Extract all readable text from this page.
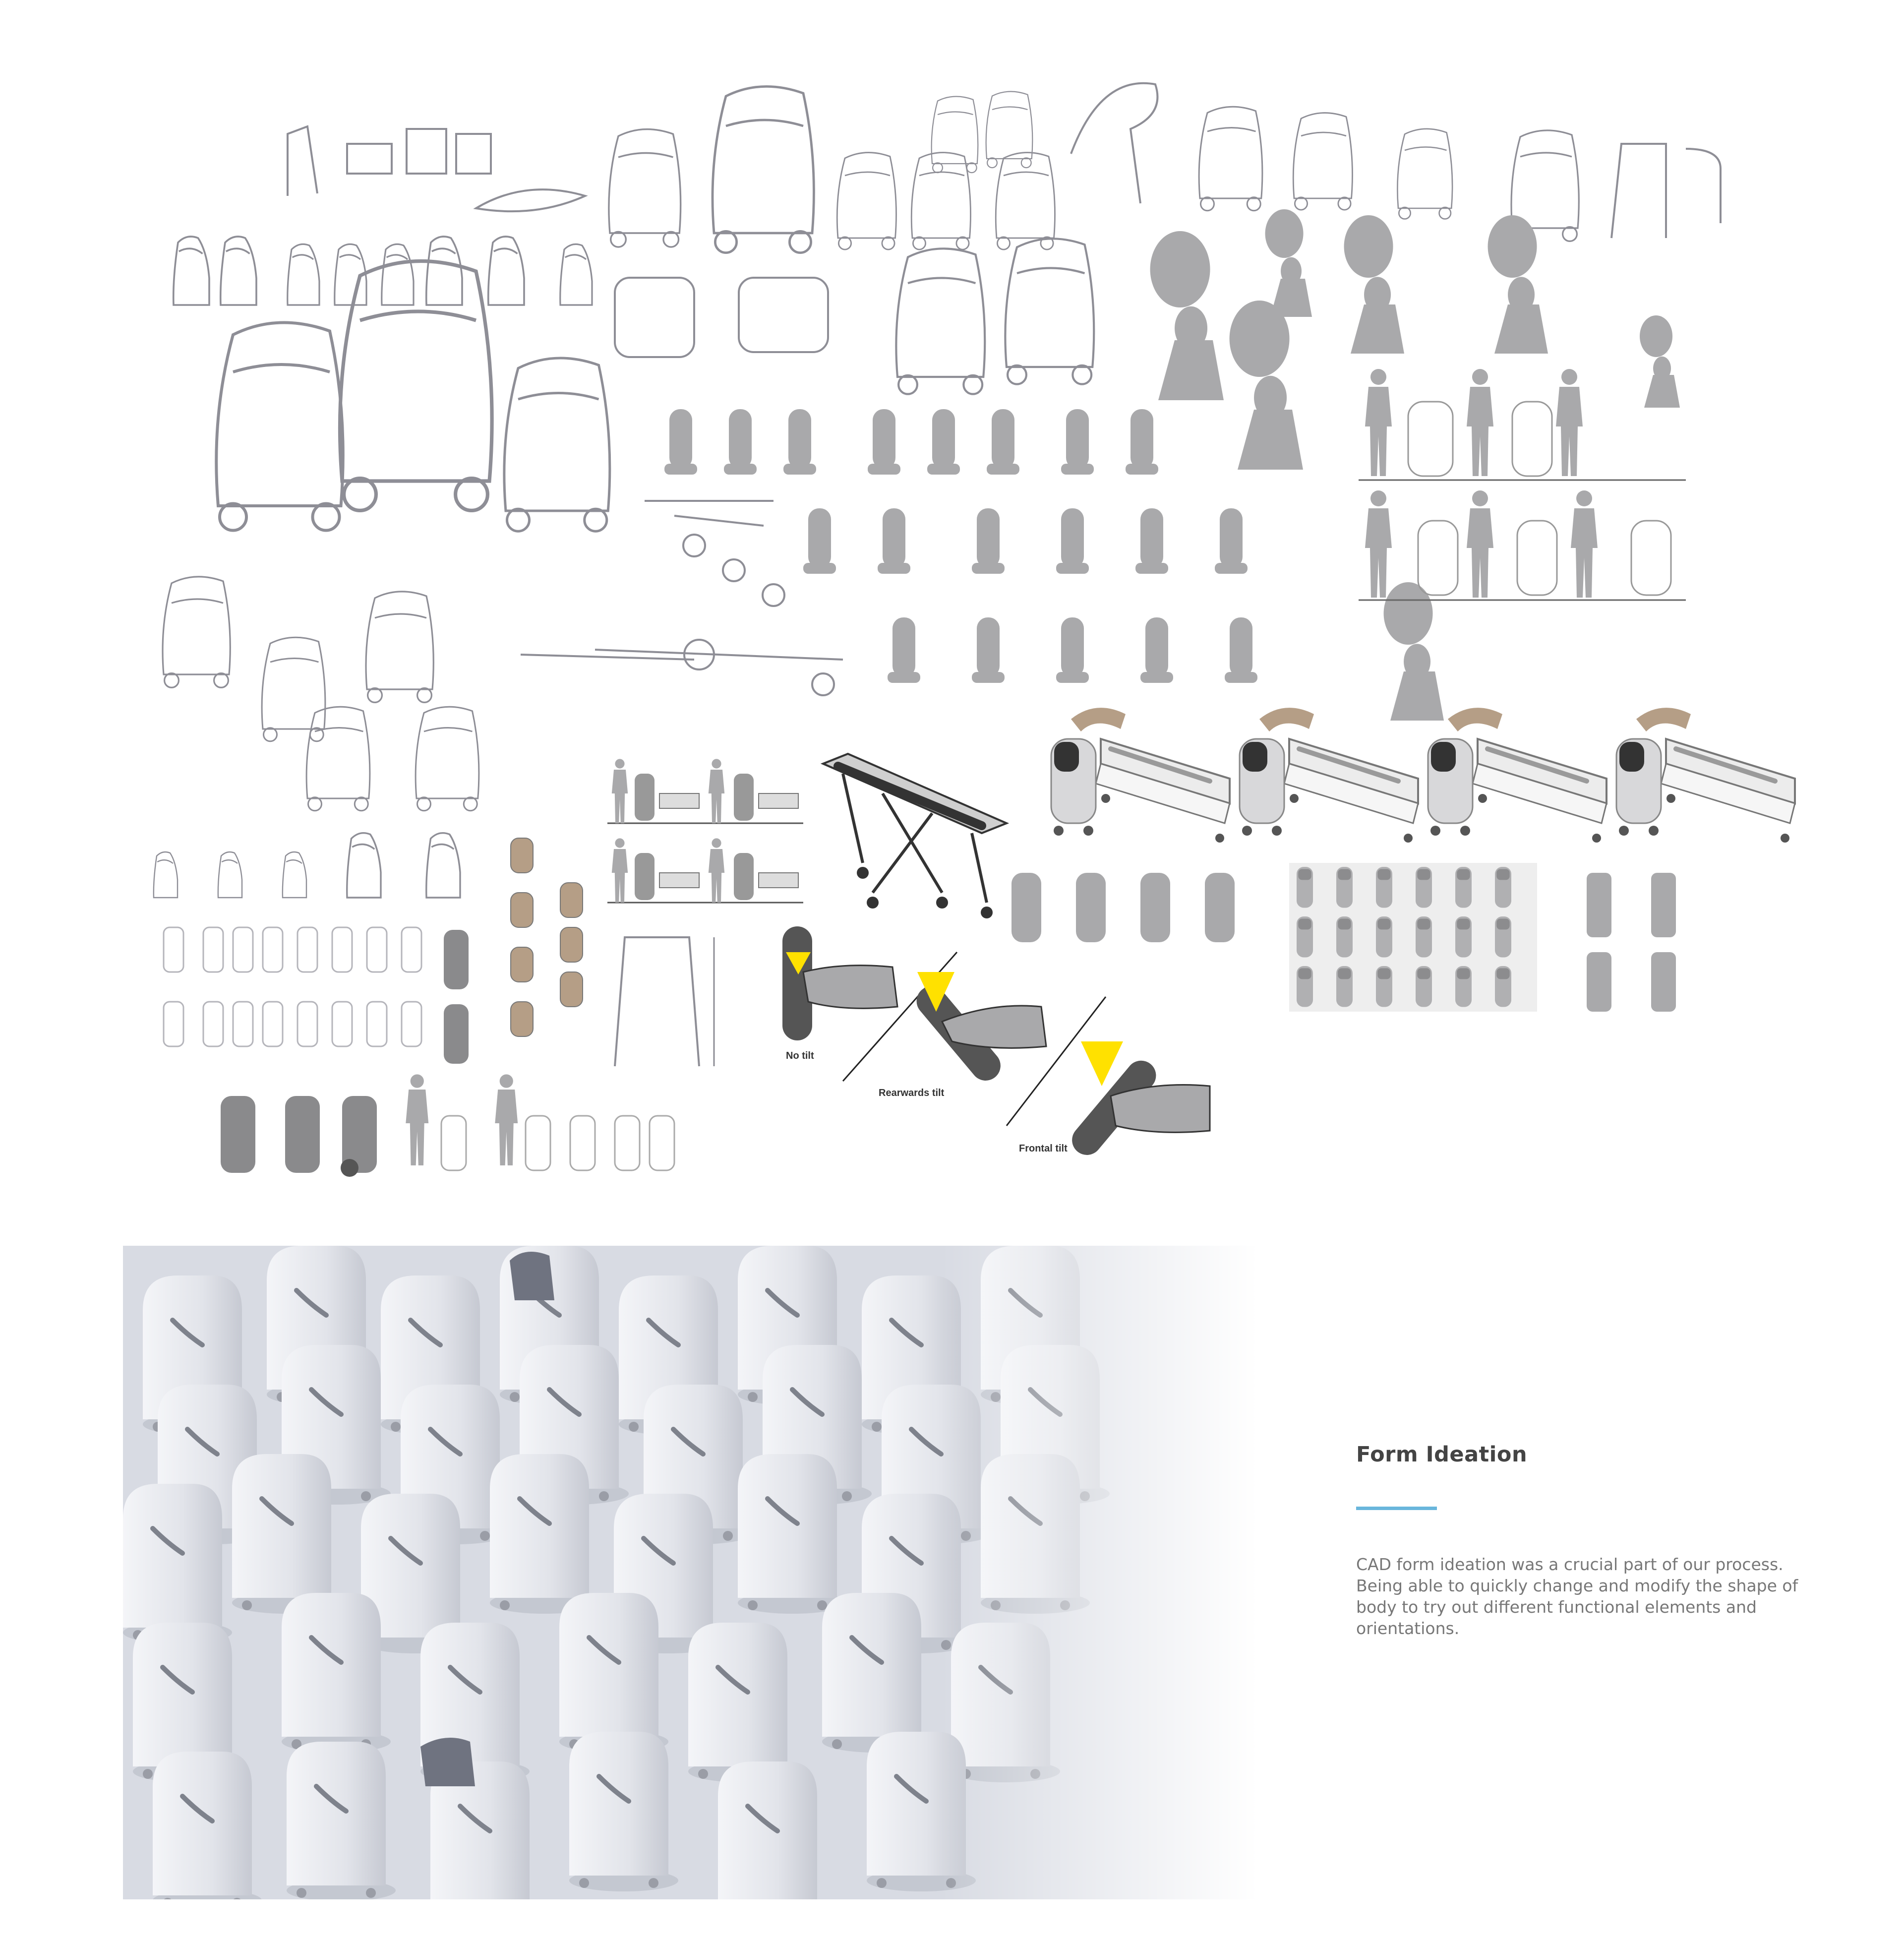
No tilt
Rearwards tilt
Frontal tilt
Form Ideation
CAD form ideation was a crucial part of our process. Being able to quickly change and modify the shape of body to try out different functional elements and orientations.
